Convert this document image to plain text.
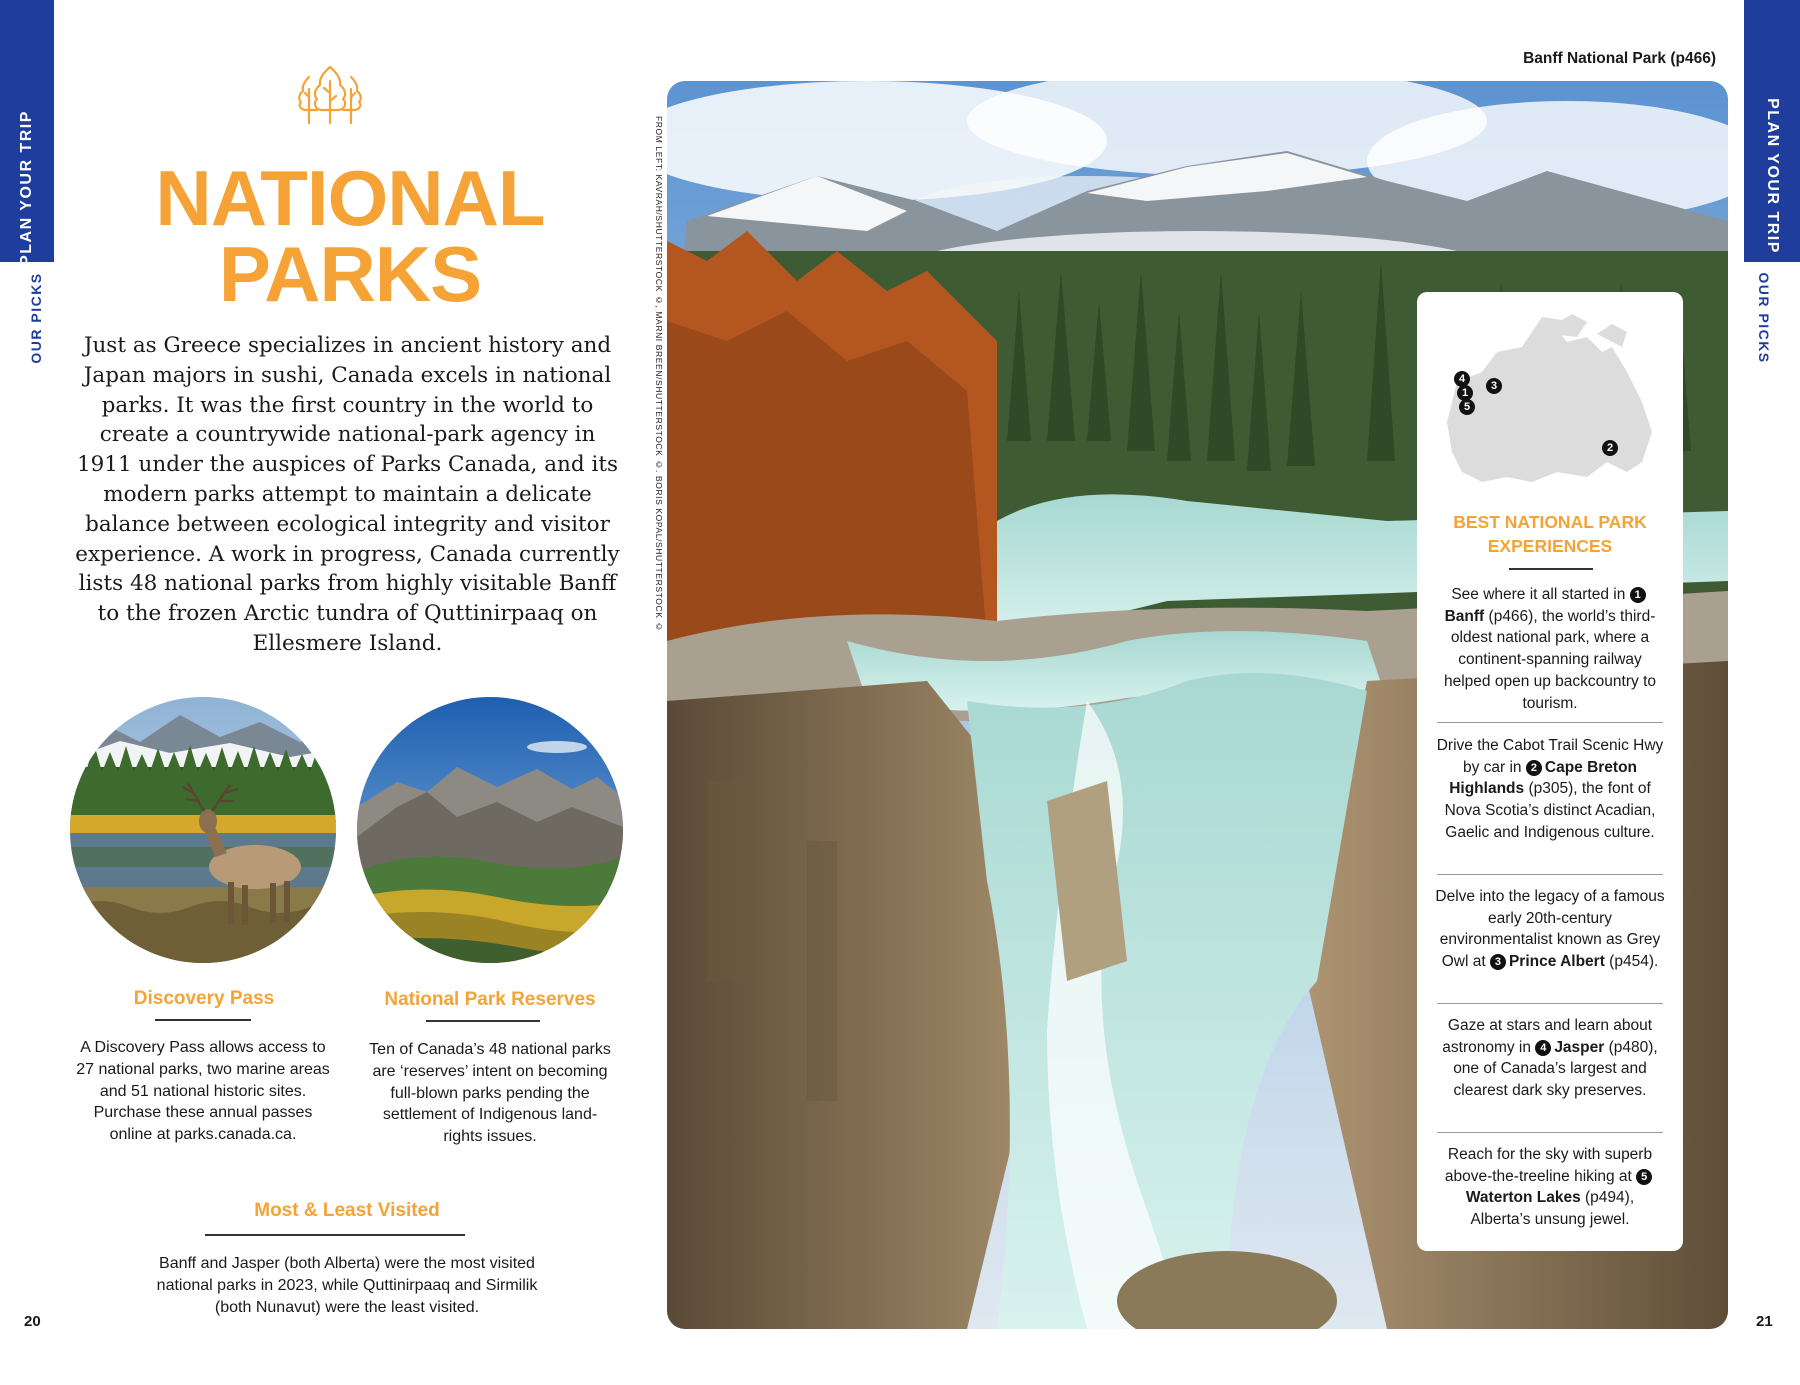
PLAN YOUR TRIP
OUR PICKS
PLAN YOUR TRIP
OUR PICKS
20	21
NATIONAL
PARKS
Just as Greece specializes in ancient history and Japan majors in sushi, Canada excels in national parks. It was the first country in the world to create a countrywide national-park agency in 1911 under the auspices of Parks Canada, and its modern parks attempt to maintain a delicate balance between ecological integrity and visitor experience. A work in progress, Canada currently lists 48 national parks from highly visitable Banff to the frozen Arctic tundra of Quttinirpaaq on Ellesmere Island.
Discovery Pass
A Discovery Pass allows access to 27 national parks, two marine areas and 51 national historic sites. Purchase these annual passes online at parks.canada.ca.
National Park Reserves
Ten of Canada’s 48 national parks are ‘reserves’ intent on becoming full-blown parks pending the settlement of Indigenous land-rights issues.
Most & Least Visited
Banff and Jasper (both Alberta) were the most visited national parks in 2023, while Quttinirpaaq and Sirmilik (both Nunavut) were the least visited.
FROM LEFT: KAVRAH/SHUTTERSTOCK ©, MARNI BREEN/SHUTTERSTOCK ©. BORIS KOPAL/SHUTTERSTOCK ©
Banff National Park (p466)
4
1
5
3
2
BEST NATIONAL PARK
EXPERIENCES
See where it all started in 1Banff (p466), the world’s third-oldest national park, where a continent-spanning railway helped open up backcountry to tourism.
Drive the Cabot Trail Scenic Hwy by car in 2 Cape Breton Highlands (p305), the font of Nova Scotia’s distinct Acadian, Gaelic and Indigenous culture.
Delve into the legacy of a famous early 20th-century environmentalist known as Grey Owl at 3 Prince Albert (p454).
Gaze at stars and learn about astronomy in 4 Jasper (p480), one of Canada’s largest and clearest dark sky preserves.
Reach for the sky with superb above-the-treeline hiking at 5Waterton Lakes (p494), Alberta’s unsung jewel.
